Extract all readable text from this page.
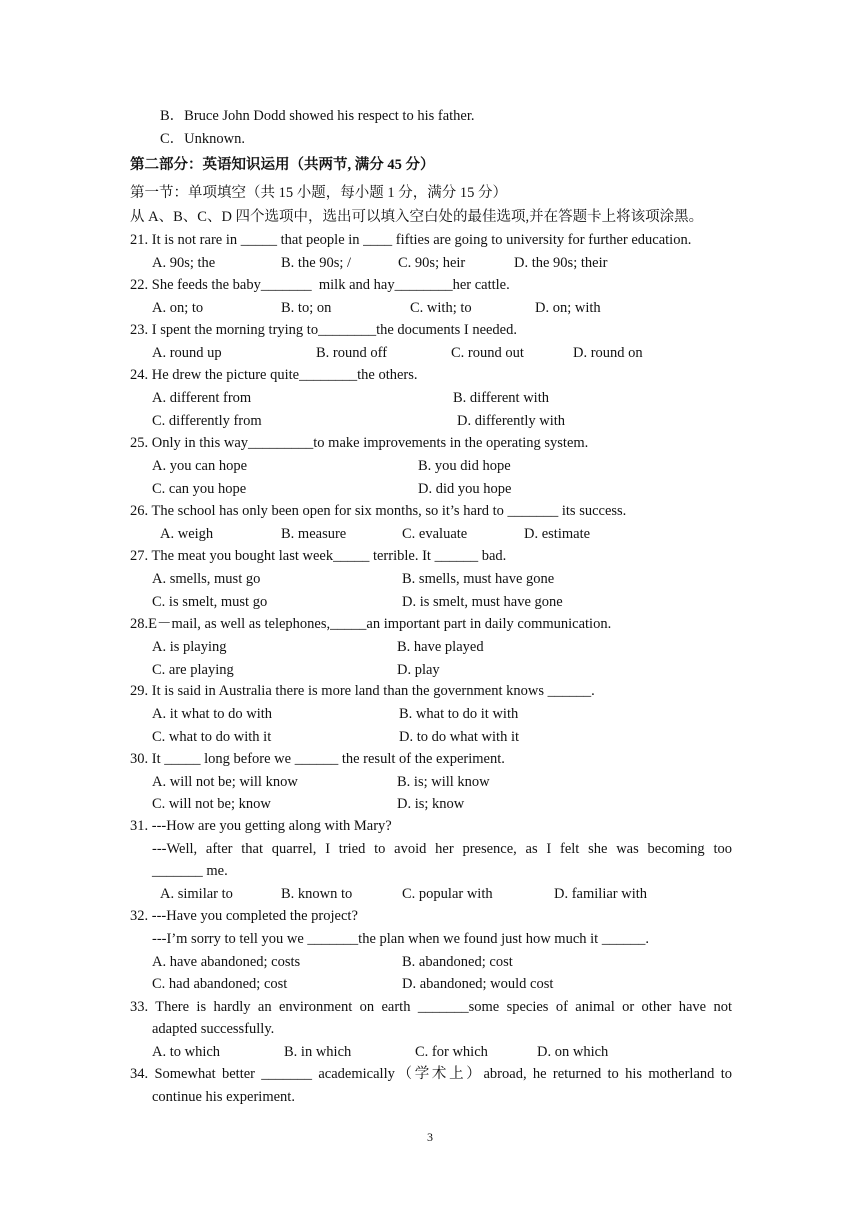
B．Bruce John Dodd showed his respect to his father.
C．Unknown.
第二部分：英语知识运用（共两节, 满分 45 分）
第一节：单项填空（共 15 小题，每小题 1 分，满分 15 分）
从 A、B、C、D 四个选项中，选出可以填入空白处的最佳选项,并在答题卡上将该项涂黑。
21. It is not rare in _____ that people in ____ fifties are going to university for further education.
A. 90s; the	B. the 90s; /	C. 90s; heir	D. the 90s; their
22. She feeds the baby_______  milk and hay________her cattle.
A. on; to	B. to; on	C. with; to	D. on; with
23. I spent the morning trying to________the documents I needed.
A. round up	B. round off	C. round out	D. round on
24. He drew the picture quite________the others.
A. different from	B. different with
C. differently from	D. differently with
25. Only in this way_________to make improvements in the operating system.
A. you can hope	B. you did hope
C. can you hope	D. did you hope
26. The school has only been open for six months, so it’s hard to _______ its success.
A. weigh	B. measure	C. evaluate	D. estimate
27. The meat you bought last week_____ terrible. It ______ bad.
A. smells, must go	B. smells, must have gone
C. is smelt, must go	D. is smelt, must have gone
28.E－mail, as well as telephones,_____an important part in daily communication.
A. is playing	B. have played
C. are playing	D. play
29. It is said in Australia there is more land than the government knows ______.
A. it what to do with	B. what to do it with
C. what to do with it	D. to do what with it
30. It _____ long before we ______ the result of the experiment.
A. will not be; will know	B. is; will know
C. will not be; know	D. is; know
31. ---How are you getting along with Mary?
---Well, after that quarrel, I tried to avoid her presence, as I felt she was becoming too
_______ me.
A. similar to	B. known to	C. popular with	D. familiar with
32. ---Have you completed the project?
---I’m sorry to tell you we _______the plan when we found just how much it ______.
A. have abandoned; costs	B. abandoned; cost
C. had abandoned; cost	D. abandoned; would cost
33. There is hardly an environment on earth _______some species of animal or other have not
adapted successfully.
A. to which	B. in which	C. for which	D. on which
34. Somewhat better _______ academically（学术上）abroad, he returned to his motherland to
continue his experiment.
3
